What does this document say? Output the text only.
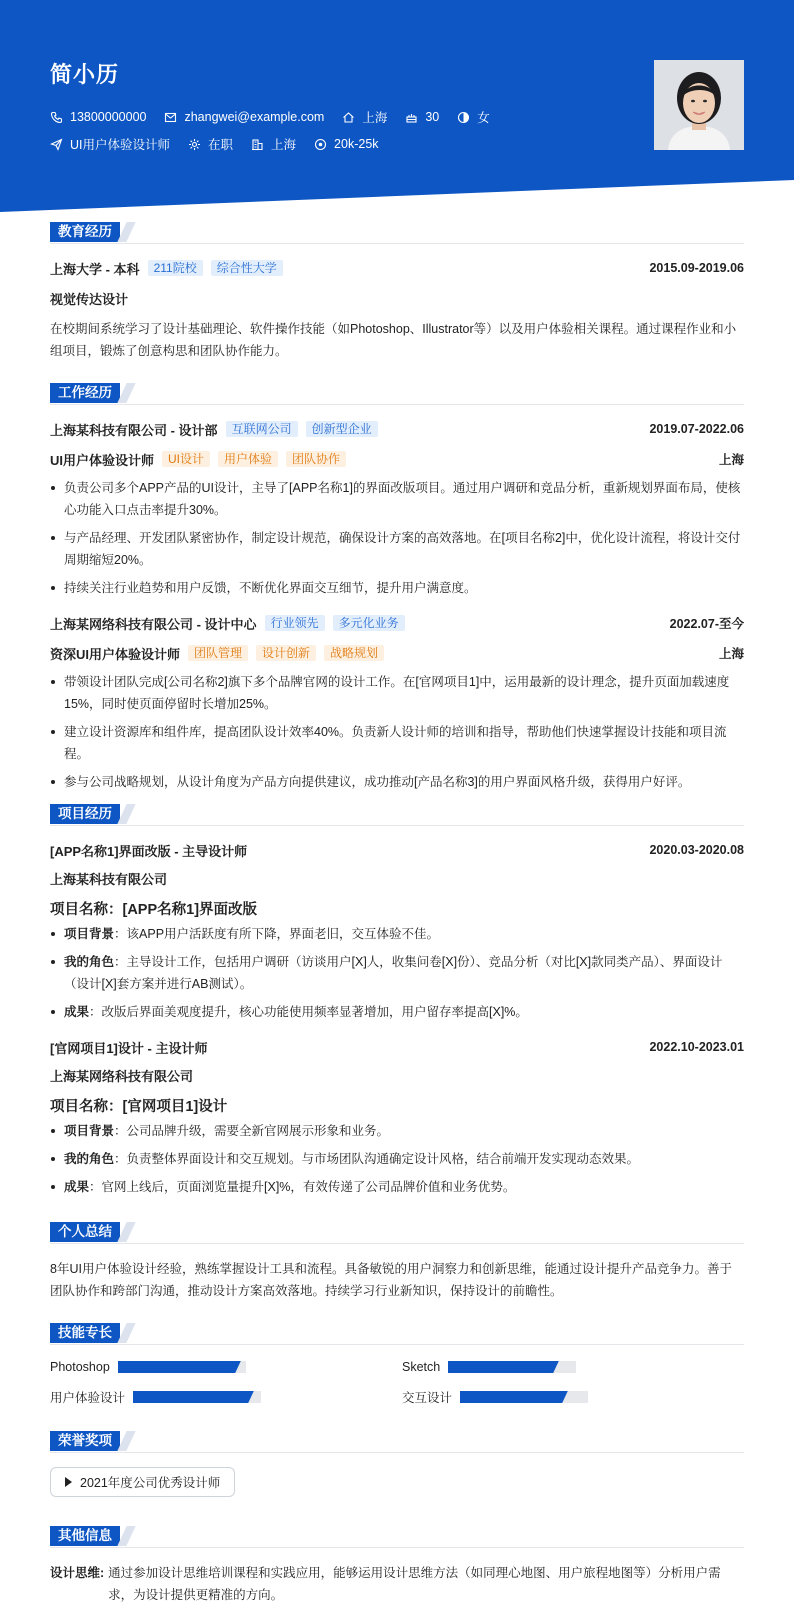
简小历
13800000000	zhangwei@example.com	上海	30	女
UI用户体验设计师	在职	上海	20k-25k
教育经历
上海大学 - 本科	211院校	综合性大学	2015.09-2019.06
视觉传达设计
在校期间系统学习了设计基础理论、软件操作技能（如Photoshop、Illustrator等）以及用户体验相关课程。通过课程作业和小组项目，锻炼了创意构思和团队协作能力。
工作经历
上海某科技有限公司 - 设计部	互联网公司	创新型企业	2019.07-2022.06
UI用户体验设计师	UI设计	用户体验	团队协作	上海
负责公司多个APP产品的UI设计，主导了[APP名称1]的界面改版项目。通过用户调研和竞品分析，重新规划界面布局，使核心功能入口点击率提升30%。
与产品经理、开发团队紧密协作，制定设计规范，确保设计方案的高效落地。在[项目名称2]中，优化设计流程，将设计交付周期缩短20%。
持续关注行业趋势和用户反馈，不断优化界面交互细节，提升用户满意度。
上海某网络科技有限公司 - 设计中心	行业领先	多元化业务	2022.07-至今
资深UI用户体验设计师	团队管理	设计创新	战略规划	上海
带领设计团队完成[公司名称2]旗下多个品牌官网的设计工作。在[官网项目1]中，运用最新的设计理念，提升页面加载速度15%，同时使页面停留时长增加25%。
建立设计资源库和组件库，提高团队设计效率40%。负责新人设计师的培训和指导，帮助他们快速掌握设计技能和项目流程。
参与公司战略规划，从设计角度为产品方向提供建议，成功推动[产品名称3]的用户界面风格升级，获得用户好评。
项目经历
[APP名称1]界面改版 - 主导设计师	2020.03-2020.08
上海某科技有限公司
项目名称：[APP名称1]界面改版
项目背景：该APP用户活跃度有所下降，界面老旧，交互体验不佳。
我的角色：主导设计工作，包括用户调研（访谈用户[X]人，收集问卷[X]份）、竞品分析（对比[X]款同类产品）、界面设计（设计[X]套方案并进行AB测试）。
成果：改版后界面美观度提升，核心功能使用频率显著增加，用户留存率提高[X]%。
[官网项目1]设计 - 主设计师	2022.10-2023.01
上海某网络科技有限公司
项目名称：[官网项目1]设计
项目背景：公司品牌升级，需要全新官网展示形象和业务。
我的角色：负责整体界面设计和交互规划。与市场团队沟通确定设计风格，结合前端开发实现动态效果。
成果：官网上线后，页面浏览量提升[X]%，有效传递了公司品牌价值和业务优势。
个人总结
8年UI用户体验设计经验，熟练掌握设计工具和流程。具备敏锐的用户洞察力和创新思维，能通过设计提升产品竞争力。善于团队协作和跨部门沟通，推动设计方案高效落地。持续学习行业新知识，保持设计的前瞻性。
技能专长
Photoshop	Sketch
用户体验设计	交互设计
荣誉奖项
2021年度公司优秀设计师
其他信息
设计思维: 通过参加设计思维培训课程和实践应用，能够运用设计思维方法（如同理心地图、用户旅程地图等）分析用户需求，为设计提供更精准的方向。
